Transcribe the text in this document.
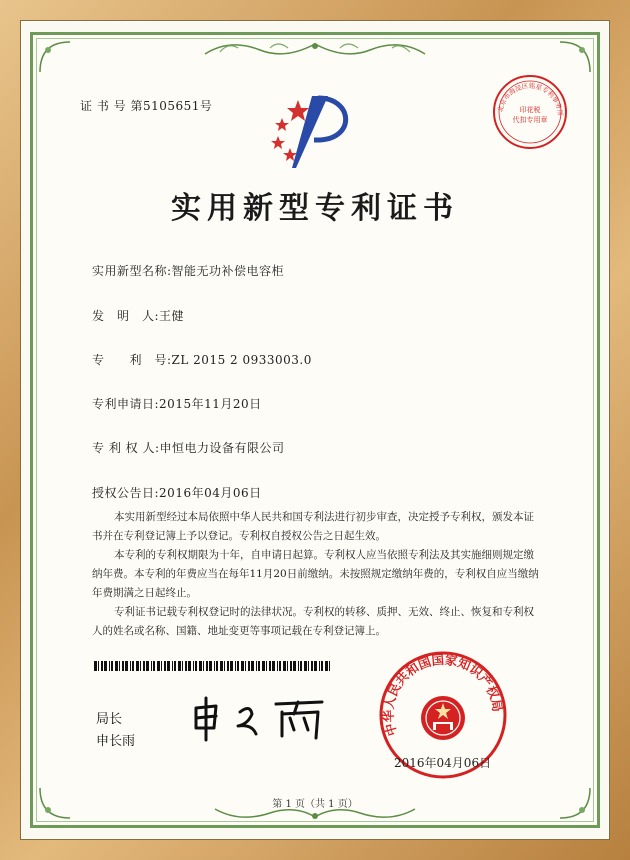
证 书 号 第5105651号	北京市海淀区铭星专利事务所
印花税
代扣专用章
实用新型专利证书
实用新型名称:智能无功补偿电容柜
发　明　人:王健
专　　利　号:ZL 2015 2 0933003.0
专利申请日:2015年11月20日
专 利 权 人:申恒电力设备有限公司
授权公告日:2016年04月06日
本实用新型经过本局依照中华人民共和国专利法进行初步审查，决定授予专利权，颁发本证书并在专利登记簿上予以登记。专利权自授权公告之日起生效。
本专利的专利权期限为十年，自申请日起算。专利权人应当依照专利法及其实施细则规定缴纳年费。本专利的年费应当在每年11月20日前缴纳。未按照规定缴纳年费的，专利权自应当缴纳年费期满之日起终止。
专利证书记载专利权登记时的法律状况。专利权的转移、质押、无效、终止、恢复和专利权人的姓名或名称、国籍、地址变更等事项记载在专利登记簿上。
局长
申长雨
中华人民共和国国家知识产权局
2016年04月06日
第 1 页（共 1 页）
